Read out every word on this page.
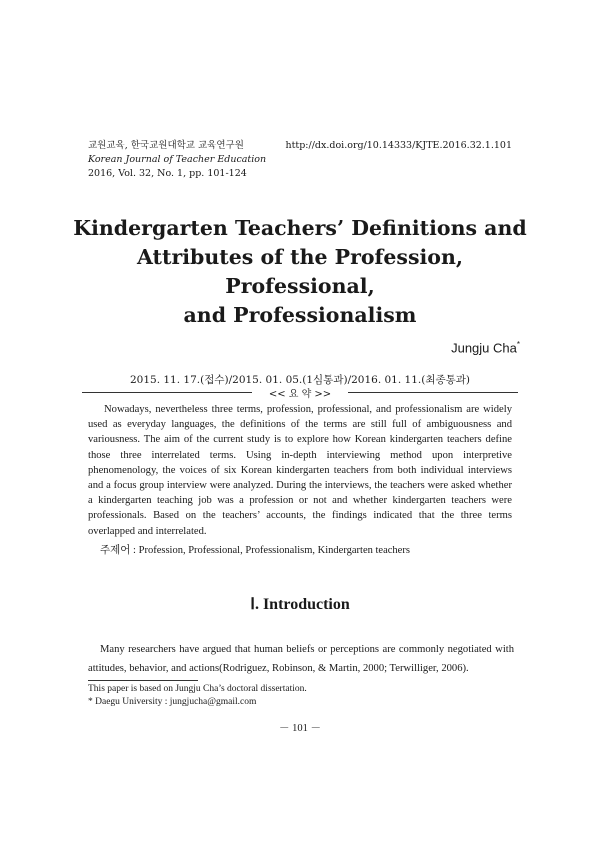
교원교육, 한국교원대학교 교육연구원
Korean Journal of Teacher Education
2016, Vol. 32, No. 1, pp. 101-124
http://dx.doi.org/10.14333/KJTE.2016.32.1.101
Kindergarten Teachers’ Definitions and
Attributes of the Profession, Professional,
and Professionalism
Jungju Cha*
2015. 11. 17.(접수)/2015. 01. 05.(1심통과)/2016. 01. 11.(최종통과)
<< 요 약 >>
Nowadays, nevertheless three terms, profession, professional, and professionalism are widely used as everyday languages, the definitions of the terms are still full of ambiguousness and variousness. The aim of the current study is to explore how Korean kindergarten teachers define those three interrelated terms. Using in-depth interviewing method upon interpretive phenomenology, the voices of six Korean kindergarten teachers from both individual interviews and a focus group interview were analyzed. During the interviews, the teachers were asked whether a kindergarten teaching job was a profession or not and whether kindergarten teachers were professionals. Based on the teachers’ accounts, the findings indicated that the three terms overlapped and interrelated.
주제어 : Profession, Professional, Professionalism, Kindergarten teachers
Ⅰ. Introduction
Many researchers have argued that human beliefs or perceptions are commonly negotiated with attitudes, behavior, and actions(Rodriguez, Robinson, & Martin, 2000; Terwilliger, 2006).
This paper is based on Jungju Cha’s doctoral dissertation.
* Daegu University : jungjucha@gmail.com
－ 101 －
